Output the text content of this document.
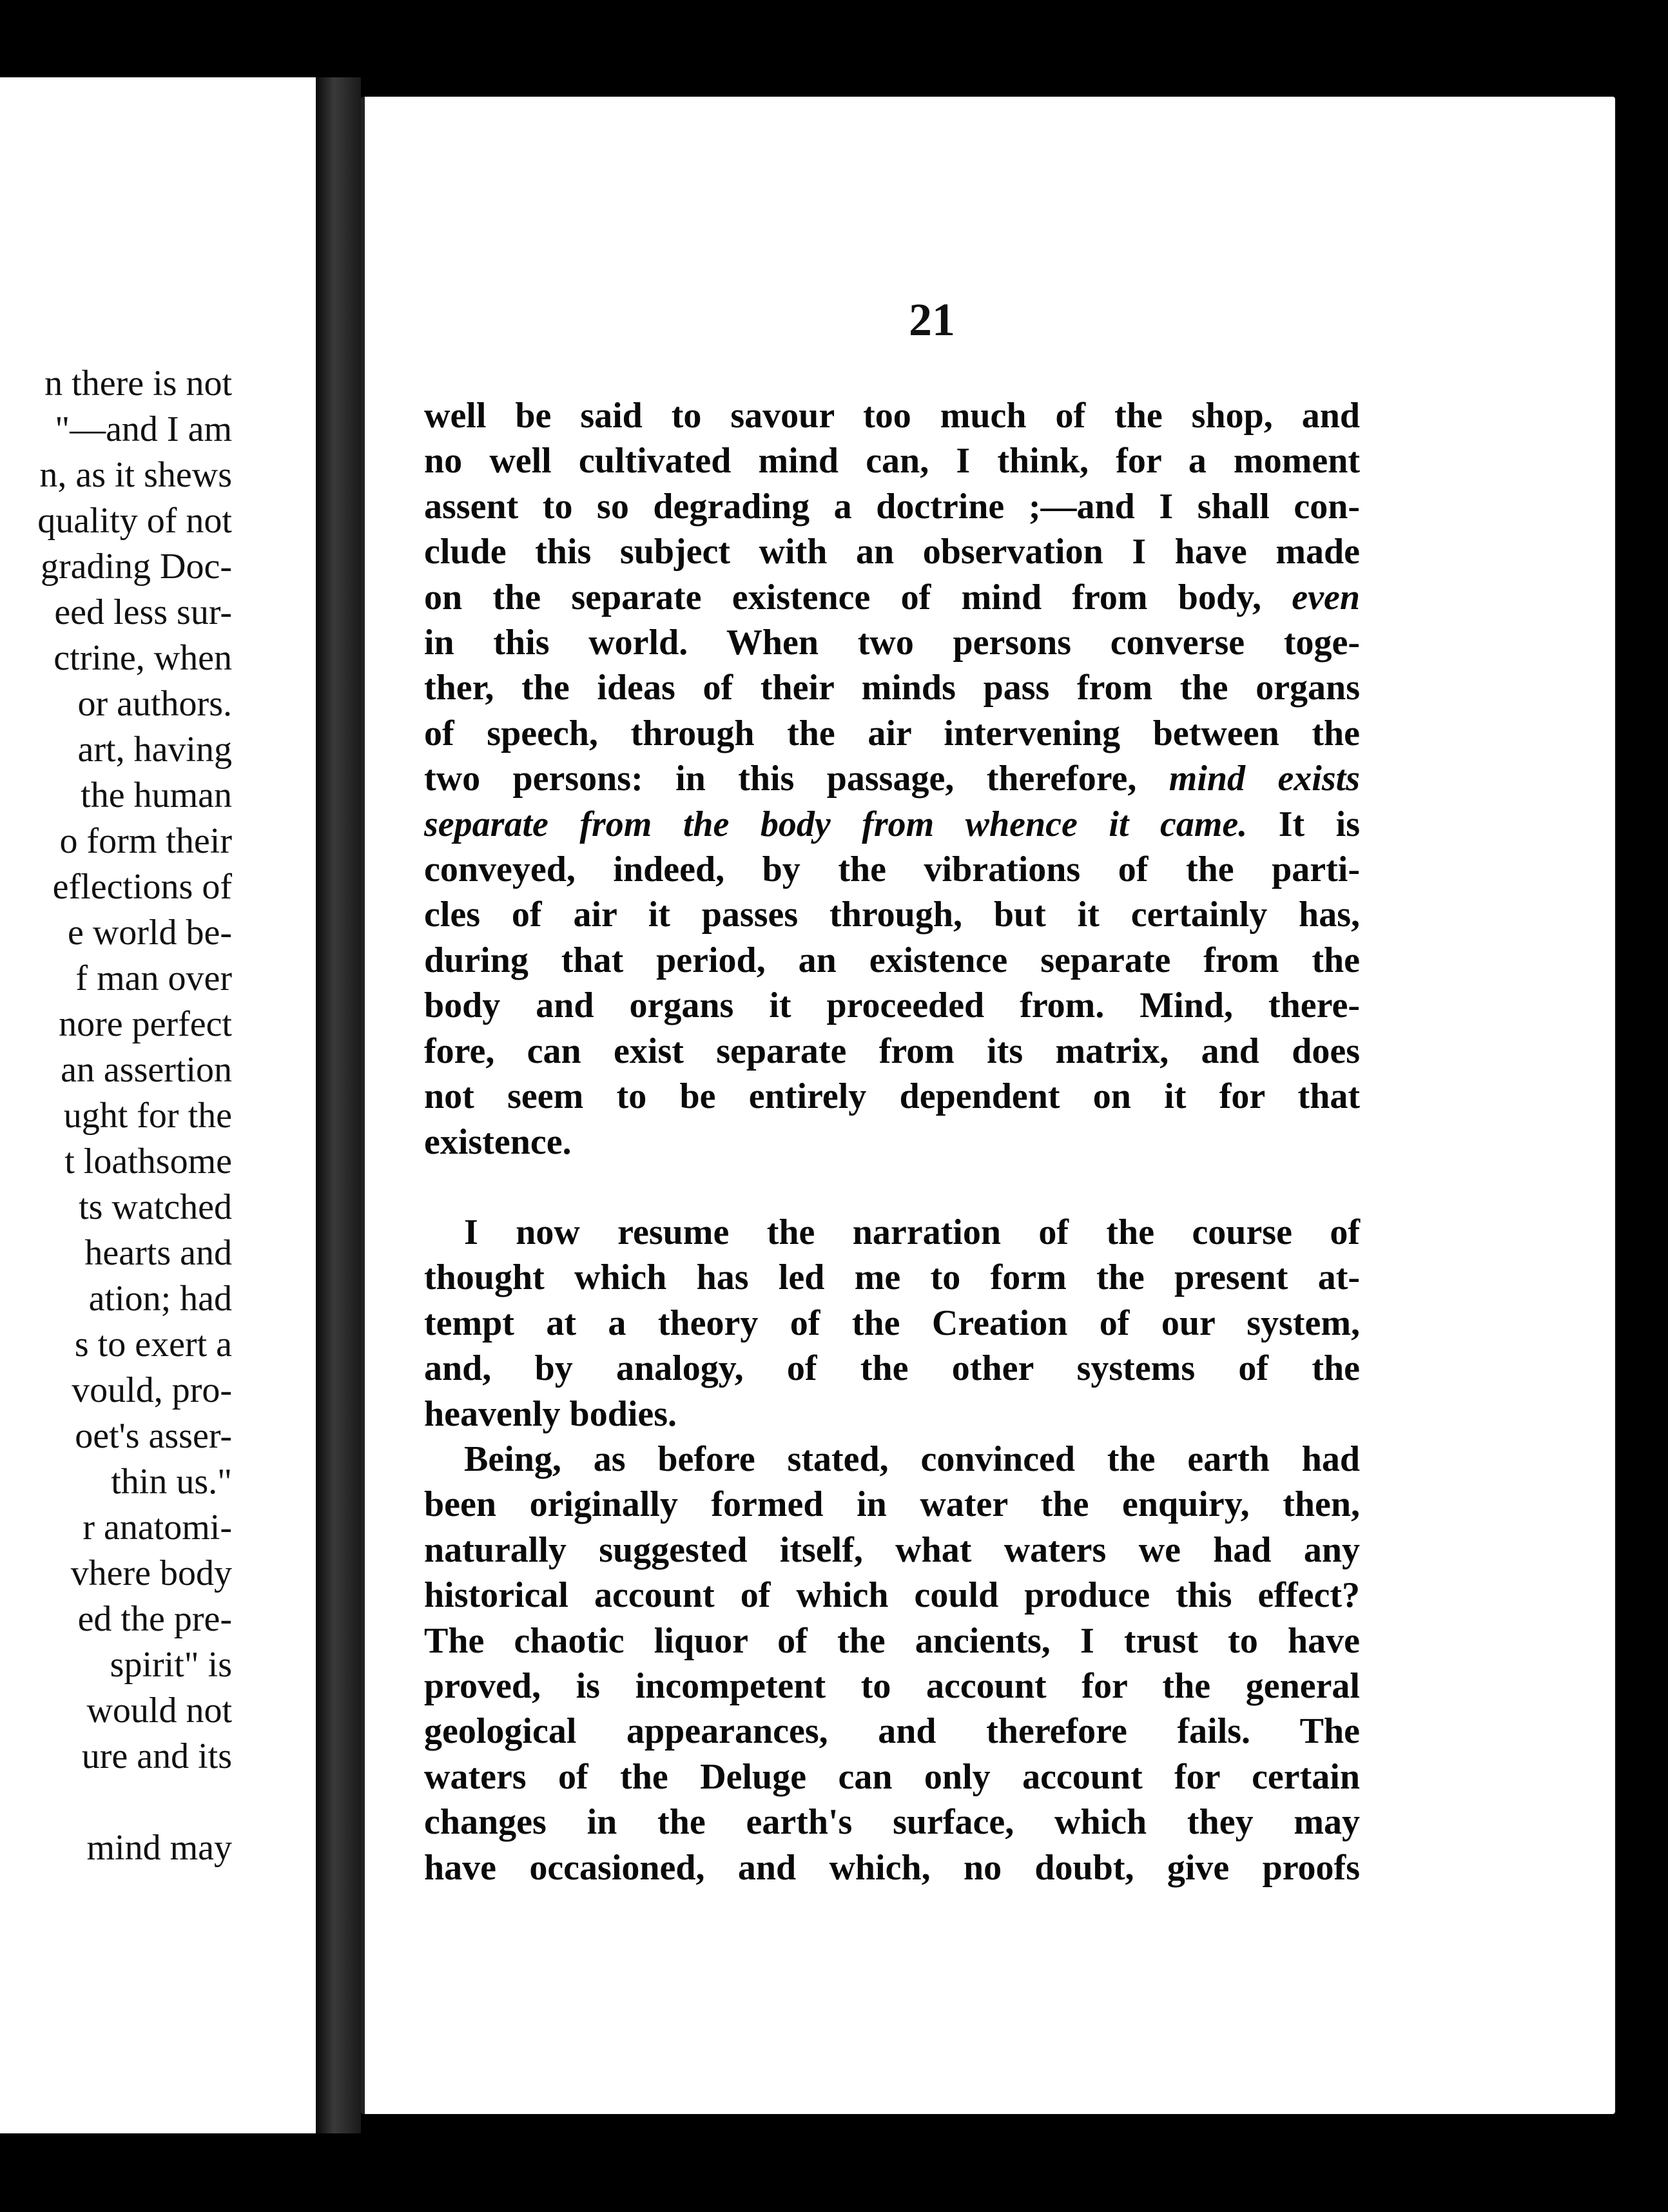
n there is not
"—and I am
n, as it shews
quality of not
grading Doc-
eed less sur-
ctrine, when
or authors.
art, having
the human
o form their
eflections of
e world be-
f man over
nore perfect
an assertion
ught for the
t loathsome
ts watched
hearts and
ation; had
s to exert a
vould, pro-
oet's asser-
thin us."
r anatomi-
vhere body
ed the pre-
spirit" is
would not
ure and its

mind may
21
well be said to savour too much of the shop, and
no well cultivated mind can, I think, for a moment
assent to so degrading a doctrine ;—and I shall con-
clude this subject with an observation I have made
on the separate existence of mind from body, even
in this world. When two persons converse toge-
ther, the ideas of their minds pass from the organs
of speech, through the air intervening between the
two persons: in this passage, therefore, mind exists
separate from the body from whence it came. It is
conveyed, indeed, by the vibrations of the parti-
cles of air it passes through, but it certainly has,
during that period, an existence separate from the
body and organs it proceeded from. Mind, there-
fore, can exist separate from its matrix, and does
not seem to be entirely dependent on it for that
existence.
I now resume the narration of the course of
thought which has led me to form the present at-
tempt at a theory of the Creation of our system,
and, by analogy, of the other systems of the
heavenly bodies.
Being, as before stated, convinced the earth had
been originally formed in water the enquiry, then,
naturally suggested itself, what waters we had any
historical account of which could produce this effect?
The chaotic liquor of the ancients, I trust to have
proved, is incompetent to account for the general
geological appearances, and therefore fails. The
waters of the Deluge can only account for certain
changes in the earth's surface, which they may
have occasioned, and which, no doubt, give proofs
